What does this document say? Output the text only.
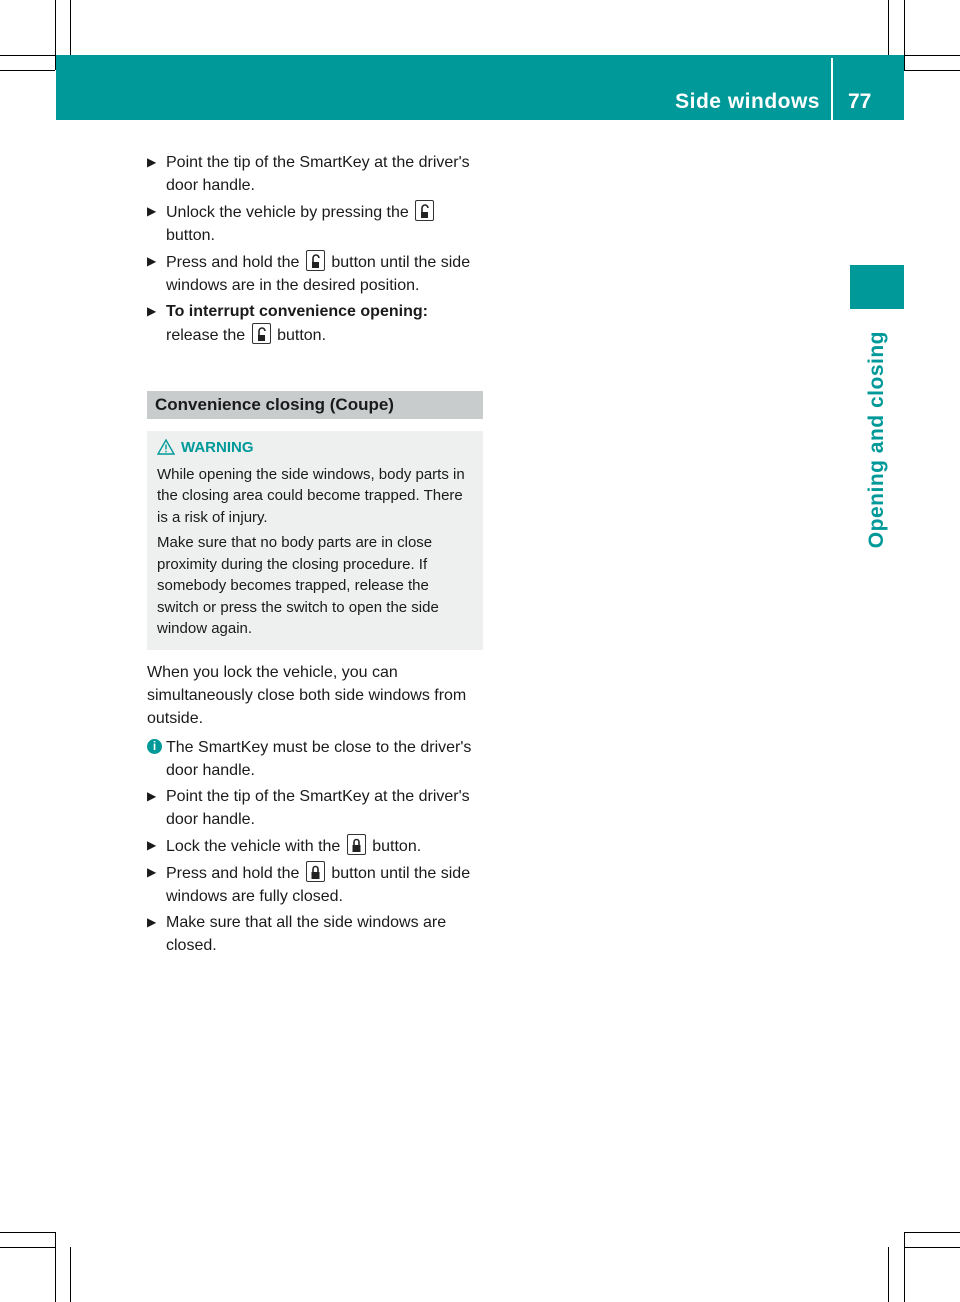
Side windows 77
Opening and closing
▶ Point the tip of the SmartKey at the driver's door handle.
▶ Unlock the vehicle by pressing the
button.
▶ Press and hold the button until the side windows are in the desired position.
▶ To interrupt convenience opening:
release the button.
Convenience closing (Coupe)
WARNING

While opening the side windows, body parts in the closing area could become trapped. There is a risk of injury.

Make sure that no body parts are in close proximity during the closing procedure. If somebody becomes trapped, release the switch or press the switch to open the side window again.

When you lock the vehicle, you can simultaneously close both side windows from outside.
i The SmartKey must be close to the driver's door handle.
▶ Point the tip of the SmartKey at the driver's door handle.
▶ Lock the vehicle with the button.
▶ Press and hold the button until the side windows are fully closed.
▶ Make sure that all the side windows are closed.
